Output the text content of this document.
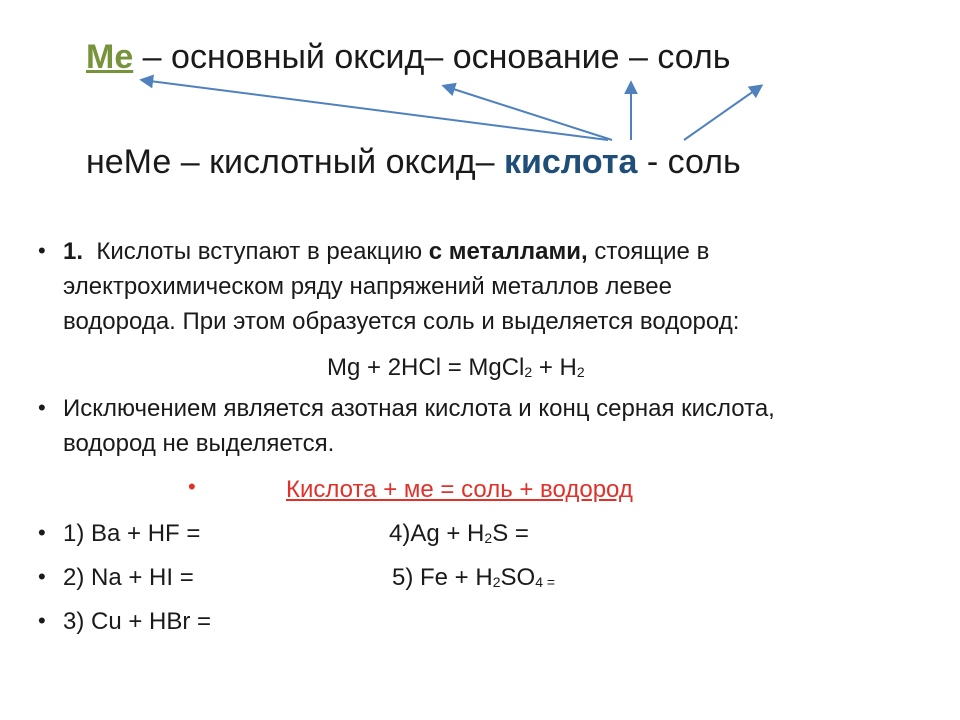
Ме – основный оксид– основание – соль
неМе – кислотный оксид– кислота - соль
• 1.  Кислоты вступают в реакцию с металлами, стоящие в
электрохимическом ряду напряжений металлов левее
водорода. При этом образуется соль и выделяется водород:
Mg + 2HCl = MgCl$_2$ + $H_2$
• Исключением является азотная кислота и конц серная кислота,
водород не выделяется.
•	Кислота + ме = соль + водород
• 1) Ba + HF =	$4)Ag + H_2S$ =
• 2) Na + HI =	5) $Fe + H_2SO_4$ $_=$
• 3) Cu + HBr =
